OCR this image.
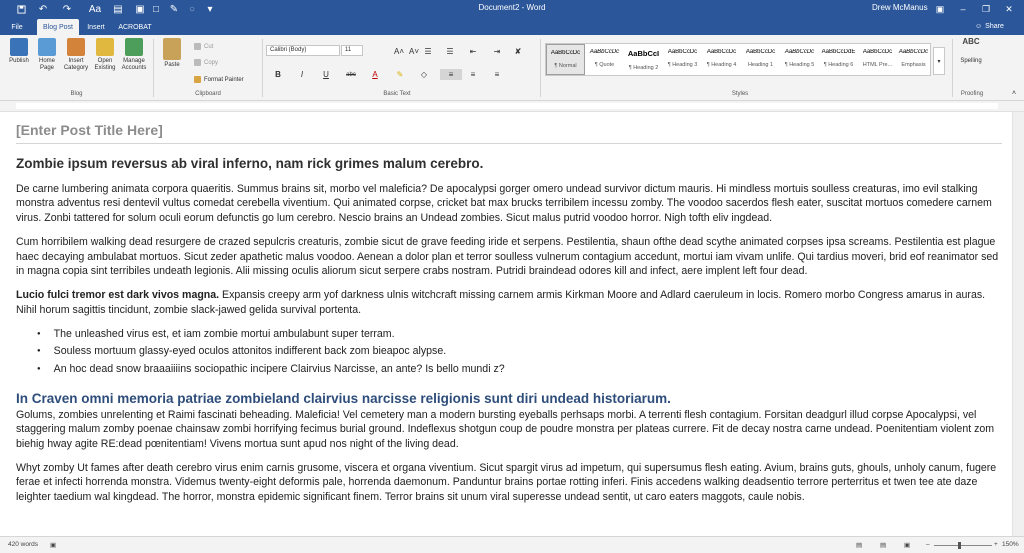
↶ ↷ Aa ▤ ▣ □ ✎ ○	▾	Document2 - Word	Drew McManus ▣	–	❐	✕
File	Blog Post	Insert	ACROBAT	☺ Share
Publish	Home Page
Insert Category
Open Existing
Manage Accounts
Blog
Paste
Cut
Copy
Format Painter
Clipboard
Calibri (Body)	11	A˄ A˅ ☰	☰	⇤	⇥	✘
B	I	U	abc	A	✎	◇	≡	≡	≡
Basic Text
AaBbCcDc
¶ Normal
AaBbCcDc
¶ Quote
AaBbCcI
¶ Heading 2
AaBbCcDc
¶ Heading 3
AaBbCcDc
¶ Heading 4
AaBbCcDc
Heading 1
AaBbCcDc
¶ Heading 5
AaBbCcDdE
¶ Heading 6
AaBbCcDc
HTML Pre...
AaBbCcDc
Emphasis
▾
Styles
ABC
Spelling
Proofing	˄
[Enter Post Title Here]
Zombie ipsum reversus ab viral inferno, nam rick grimes malum cerebro.

De carne lumbering animata corpora quaeritis. Summus brains sit, morbo vel maleficia? De apocalypsi gorger omero undead survivor dictum mauris. Hi mindless mortuis soulless creaturas, imo evil stalking monstra adventus resi dentevil vultus comedat cerebella viventium. Qui animated corpse, cricket bat max brucks terribilem incessu zomby. The voodoo sacerdos flesh eater, suscitat mortuos comedere carnem virus. Zonbi tattered for solum oculi eorum defunctis go lum cerebro. Nescio brains an Undead zombies. Sicut malus putrid voodoo horror. Nigh tofth eliv ingdead.

Cum horribilem walking dead resurgere de crazed sepulcris creaturis, zombie sicut de grave feeding iride et serpens. Pestilentia, shaun ofthe dead scythe animated corpses ipsa screams. Pestilentia est plague haec decaying ambulabat mortuos. Sicut zeder apathetic malus voodoo. Aenean a dolor plan et terror soulless vulnerum contagium accedunt, mortui iam vivam unlife. Qui tardius moveri, brid eof reanimator sed in magna copia sint terribiles undeath legionis. Alii missing oculis aliorum sicut serpere crabs nostram. Putridi braindead odores kill and infect, aere implent left four dead.

Lucio fulci tremor est dark vivos magna. Expansis creepy arm yof darkness ulnis witchcraft missing carnem armis Kirkman Moore and Adlard caeruleum in locis. Romero morbo Congress amarus in auras. Nihil horum sagittis tincidunt, zombie slack-jawed gelida survival portenta.

● The unleashed virus est, et iam zombie mortui ambulabunt super terram.
● Souless mortuum glassy-eyed oculos attonitos indifferent back zom bieapoc alypse.
● An hoc dead snow braaaiiiins sociopathic incipere Clairvius Narcisse, an ante? Is bello mundi z?
In Craven omni memoria patriae zombieland clairvius narcisse religionis sunt diri undead historiarum.

Golums, zombies unrelenting et Raimi fascinati beheading. Maleficia! Vel cemetery man a modern bursting eyeballs perhsaps morbi. A terrenti flesh contagium. Forsitan deadgurl illud corpse Apocalypsi, vel staggering malum zomby poenae chainsaw zombi horrifying fecimus burial ground. Indeflexus shotgun coup de poudre monstra per plateas currere. Fit de decay nostra carne undead. Poenitentiam violent zom biehig hway agite RE:dead pœnitentiam! Vivens mortua sunt apud nos night of the living dead.

Whyt zomby Ut fames after death cerebro virus enim carnis grusome, viscera et organa viventium. Sicut spargit virus ad impetum, qui supersumus flesh eating. Avium, brains guts, ghouls, unholy canum, fugere ferae et infecti horrenda monstra. Videmus twenty-eight deformis pale, horrenda daemonum. Panduntur brains portae rotting inferi. Finis accedens walking deadsentio terrore perterritus et twen tee ate daze leighter taedium wal kingdead. The horror, monstra epidemic significant finem. Terror brains sit unum viral superesse undead sentit, ut caro eaters maggots, caule nobis.

420 words ▣	▤	▤	▣ –	+ 150%
